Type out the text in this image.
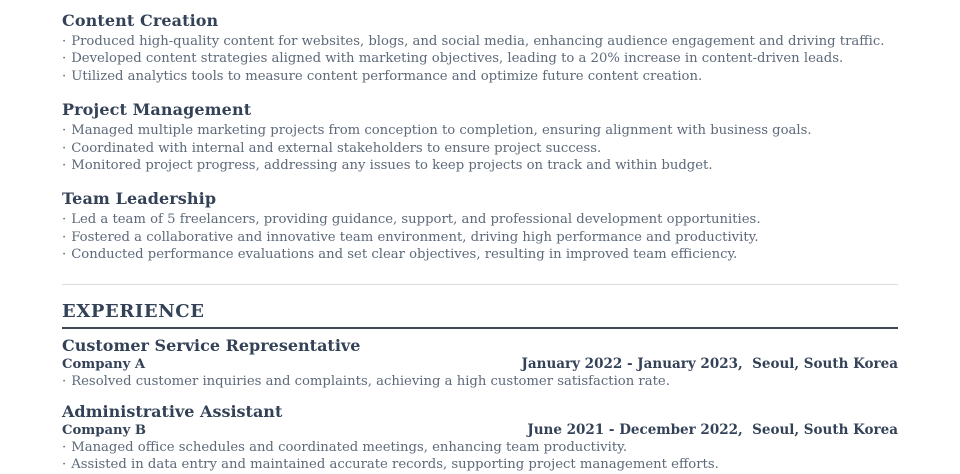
Content Creation
· Produced high-quality content for websites, blogs, and social media, enhancing audience engagement and driving traffic.
· Developed content strategies aligned with marketing objectives, leading to a 20% increase in content-driven leads.
· Utilized analytics tools to measure content performance and optimize future content creation.
Project Management
· Managed multiple marketing projects from conception to completion, ensuring alignment with business goals.
· Coordinated with internal and external stakeholders to ensure project success.
· Monitored project progress, addressing any issues to keep projects on track and within budget.
Team Leadership
· Led a team of 5 freelancers, providing guidance, support, and professional development opportunities.
· Fostered a collaborative and innovative team environment, driving high performance and productivity.
· Conducted performance evaluations and set clear objectives, resulting in improved team efficiency.
EXPERIENCE
Customer Service Representative
Company A	January 2022 - January 2023,  Seoul, South Korea
· Resolved customer inquiries and complaints, achieving a high customer satisfaction rate.
Administrative Assistant
Company B	June 2021 - December 2022,  Seoul, South Korea
· Managed office schedules and coordinated meetings, enhancing team productivity.
· Assisted in data entry and maintained accurate records, supporting project management efforts.
